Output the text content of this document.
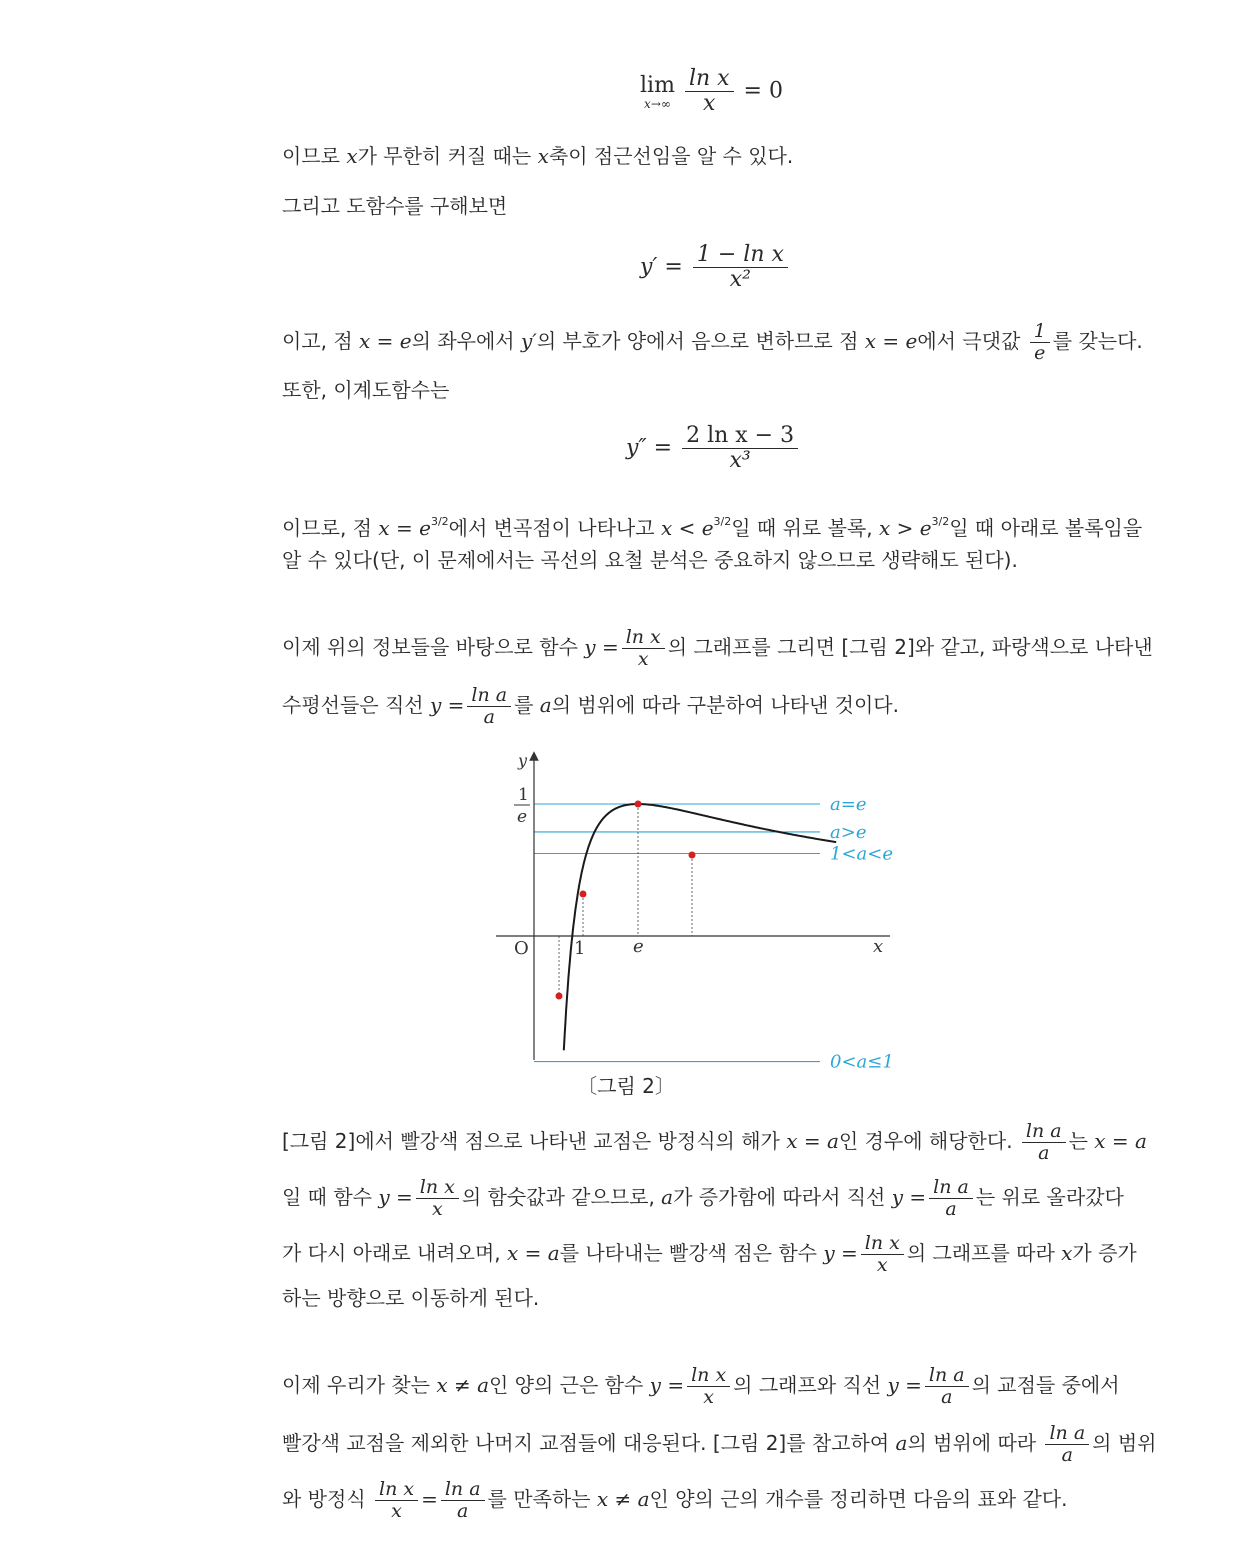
lim
x→∞
$\frac{\text{ln x}}{x} = 0$
이므로 x가 무한히 커질 때는 x축이 점근선임을 알 수 있다.
그리고 도함수를 구해보면
$y' = \frac{\text{1 − ln x}}{\text{x²}}$
이고, 점 x = e의 좌우에서 y′의 부호가 양에서 음으로 변하므로 점 x = e에서 극댓값 $\frac{1}{e}$ 를 갖는다.
또한, 이계도함수는
$y'' = \frac{\text{2 ln x − 3}}{\text{x³}}$
이므로, 점 $x = e^{3/2}$에서 변곡점이 나타나고 $x < e^{3/2}$일 때 위로 볼록, $x > e^{3/2}$일 때 아래로 볼록임을
알 수 있다(단, 이 문제에서는 곡선의 요철 분석은 중요하지 않으므로 생략해도 된다).
이제 위의 정보들을 바탕으로 함수 $y = \frac{\text{ln x}}{x}$ 의 그래프를 그리면 [그림 2]와 같고, 파랑색으로 나타낸
수평선들은 직선 $y = \frac{\text{ln a}}{a}$ 를 a의 범위에 따라 구분하여 나타낸 것이다.
y
x
O	1	e
1
e
a=e
a>e
1<a<e
0<a≤1
〔그림 2〕
[그림 2]에서 빨강색 점으로 나타낸 교점은 방정식의 해가 x = a인 경우에 해당한다. $\frac{\text{ln a}}{a}$ 는 x = a
일 때 함수 $y = \frac{\text{ln x}}{x}$ 의 함숫값과 같으므로, a가 증가함에 따라서 직선 $y = \frac{\text{ln a}}{a}$ 는 위로 올라갔다
가 다시 아래로 내려오며, x = a를 나타내는 빨강색 점은 함수 $y = \frac{\text{ln x}}{x}$ 의 그래프를 따라 x가 증가
하는 방향으로 이동하게 된다.
이제 우리가 찾는 x ≠ a인 양의 근은 함수 $y = \frac{\text{ln x}}{x}$ 의 그래프와 직선 $y = \frac{\text{ln a}}{a}$ 의 교점들 중에서
빨강색 교점을 제외한 나머지 교점들에 대응된다. [그림 2]를 참고하여 a의 범위에 따라 $\frac{\text{ln a}}{a}$ 의 범위
와 방정식 $\frac{\text{ln x}}{x} = \frac{\text{ln a}}{a}$ 를 만족하는 x ≠ a인 양의 근의 개수를 정리하면 다음의 표와 같다.
